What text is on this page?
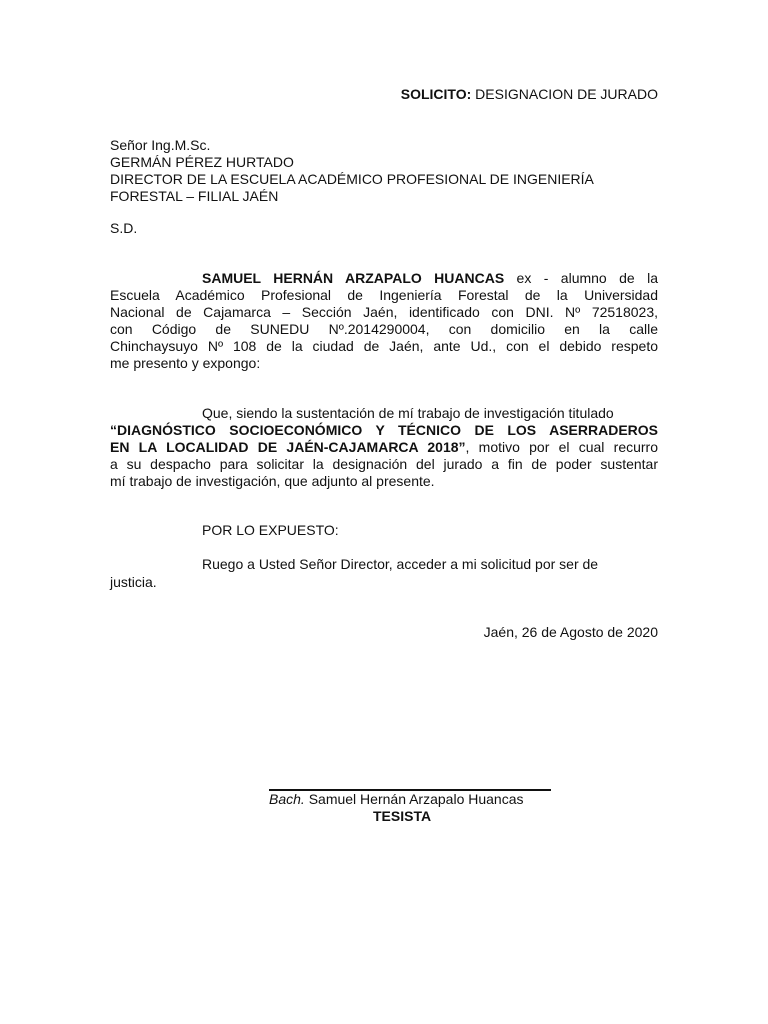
SOLICITO: DESIGNACION DE JURADO
Señor Ing.M.Sc.
GERMÁN PÉREZ HURTADO
DIRECTOR DE LA ESCUELA ACADÉMICO PROFESIONAL DE INGENIERÍA
FORESTAL – FILIAL JAÉN
S.D.
SAMUEL HERNÁN ARZAPALO HUANCAS ex - alumno de la
Escuela Académico Profesional de Ingeniería Forestal de la Universidad
Nacional de Cajamarca – Sección Jaén, identificado con DNI. Nº 72518023,
con Código de SUNEDU Nº.2014290004, con domicilio en la calle
Chinchaysuyo Nº 108 de la ciudad de Jaén, ante Ud., con el debido respeto
me presento y expongo:
Que, siendo la sustentación de mí trabajo de investigación titulado
“DIAGNÓSTICO SOCIOECONÓMICO Y TÉCNICO DE LOS ASERRADEROS
EN LA LOCALIDAD DE JAÉN-CAJAMARCA 2018”, motivo por el cual recurro
a su despacho para solicitar la designación del jurado a fin de poder sustentar
mí trabajo de investigación, que adjunto al presente.
POR LO EXPUESTO:
Ruego a Usted Señor Director, acceder a mi solicitud por ser de
justicia.
Jaén, 26 de Agosto de 2020
Bach. Samuel Hernán Arzapalo Huancas
TESISTA
